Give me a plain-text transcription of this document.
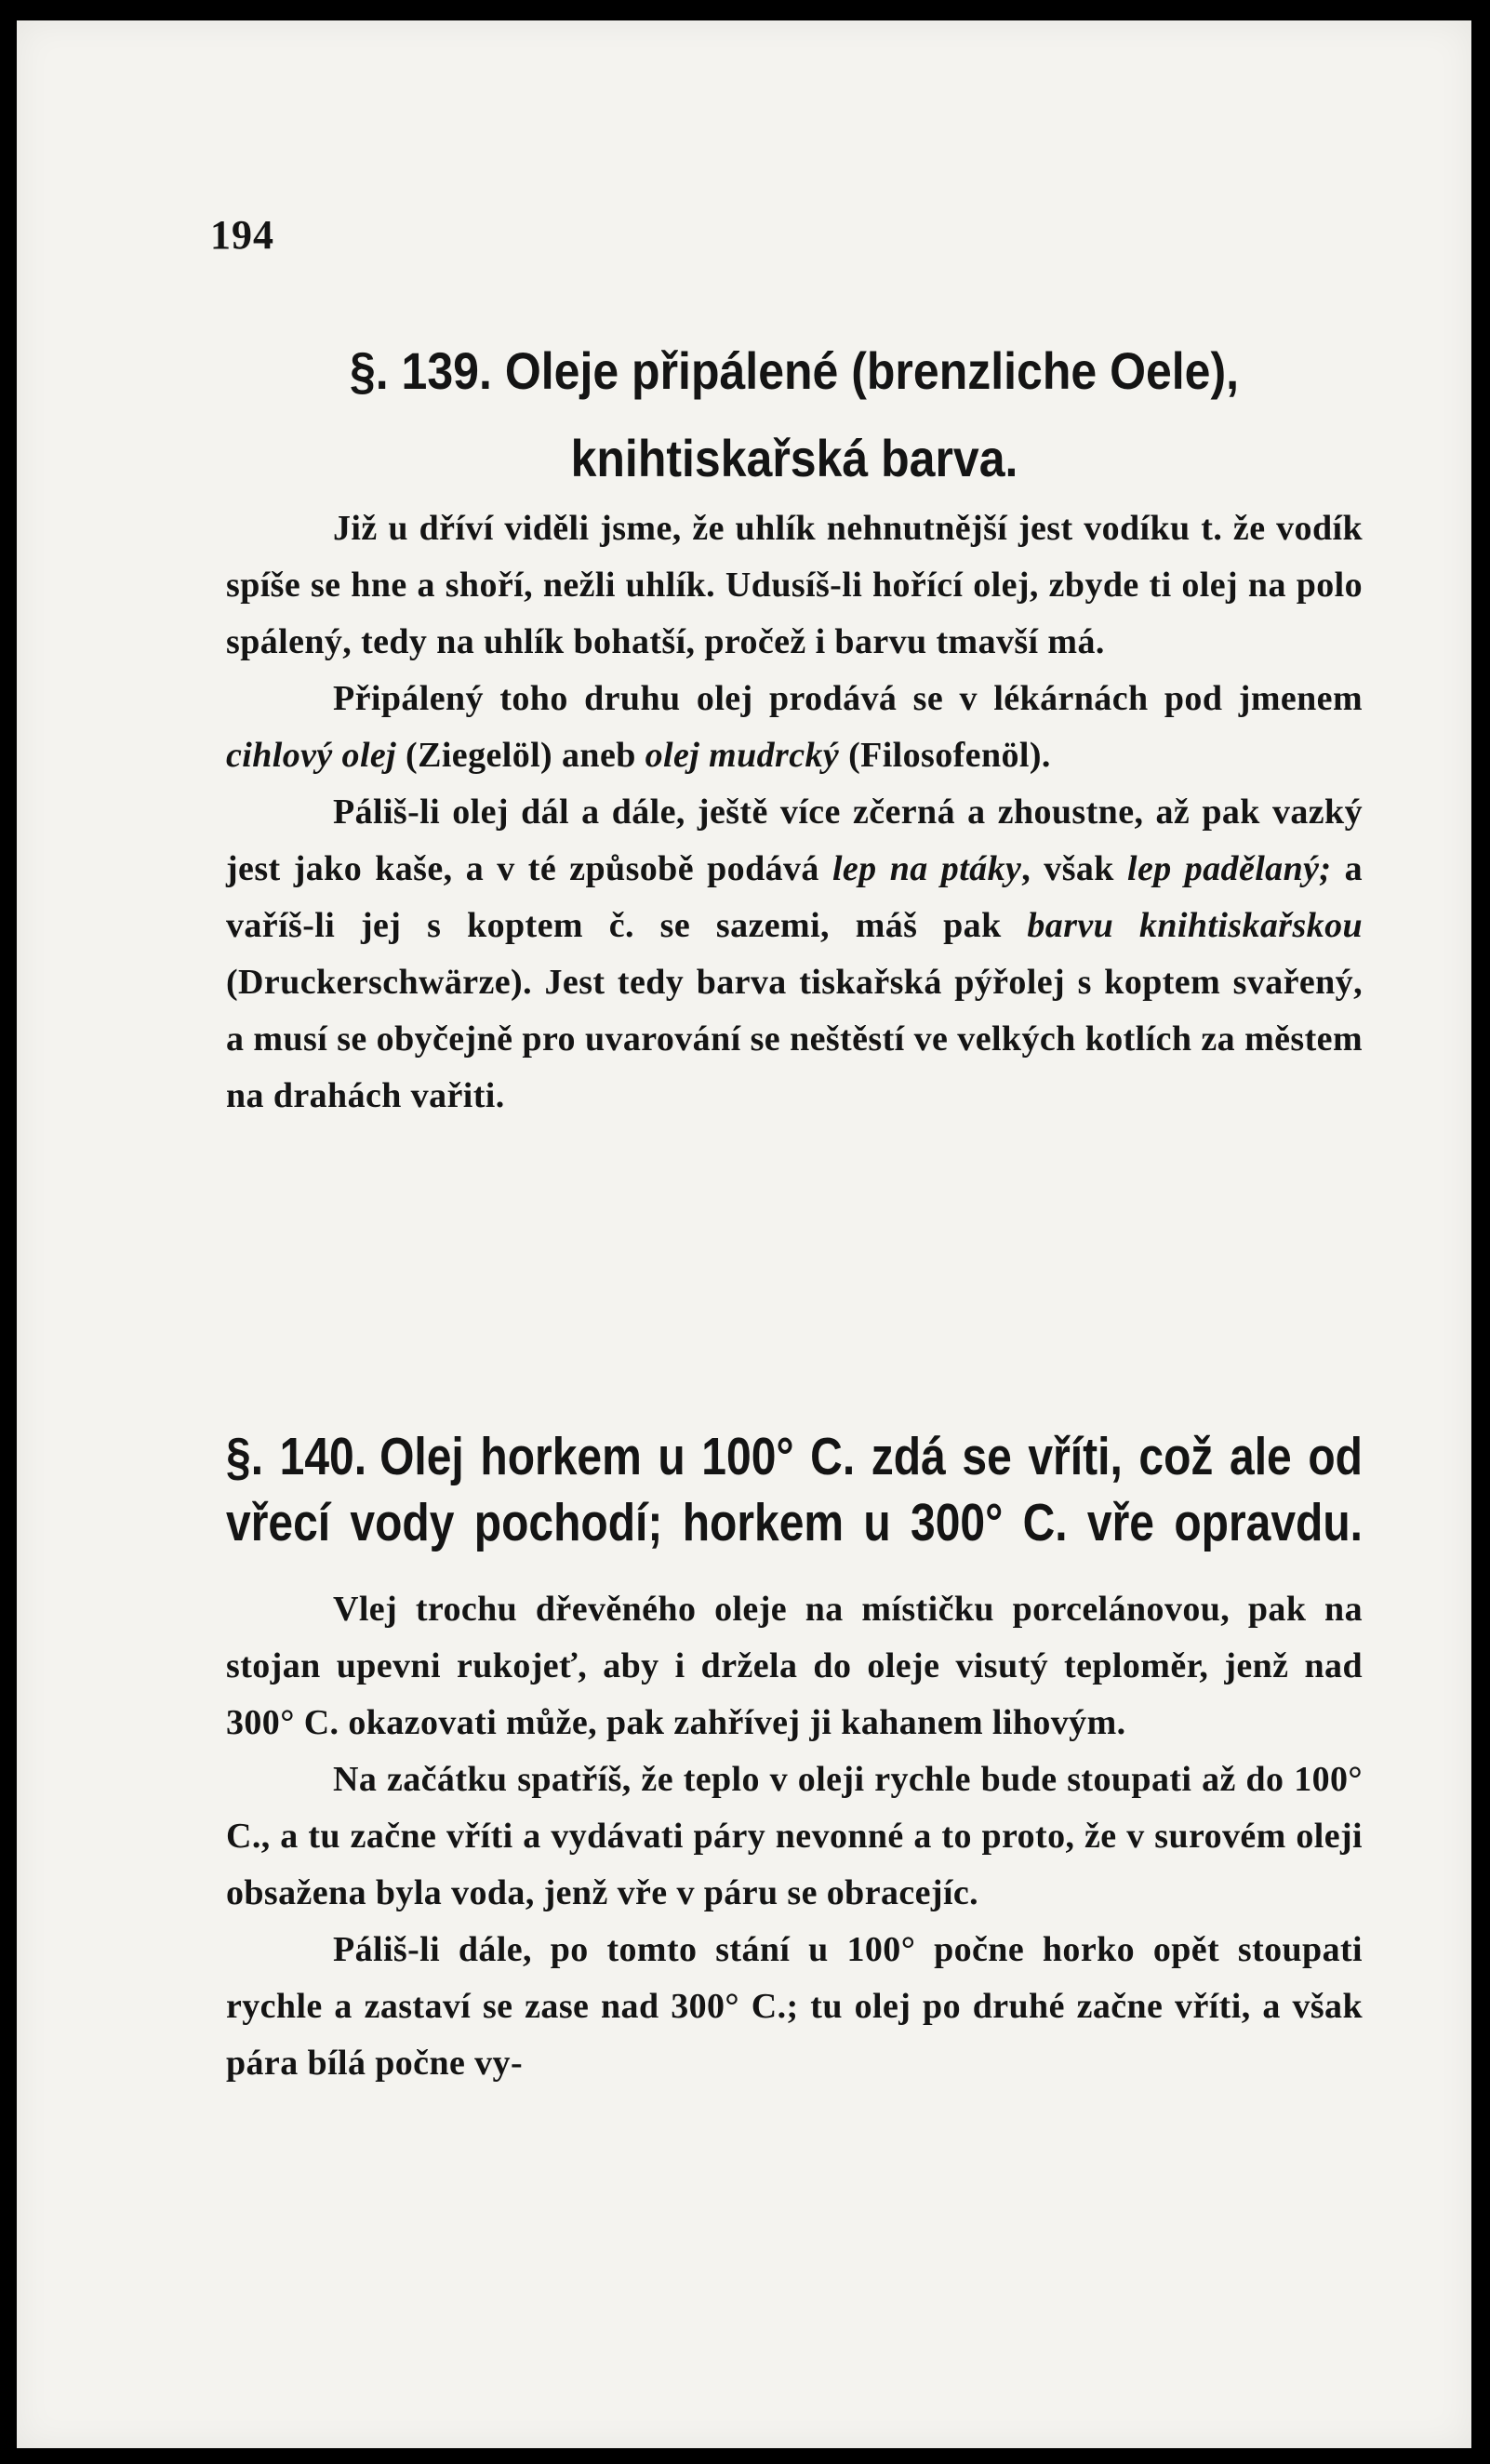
194
§. 139. Oleje připálené (brenzliche Oele), knihtiskařská barva.

Již u dříví viděli jsme, že uhlík nehnutnější jest vodíku t. že vodík spíše se hne a shoří, nežli uhlík. Udusíš-li hořící olej, zbyde ti olej na polo spálený, tedy na uhlík bohatší, pročež i barvu tmavší má.

Připálený toho druhu olej prodává se v lékárnách pod jmenem cihlový olej (Ziegelöl) aneb olej mudrcký (Filosofenöl).

Páliš-li olej dál a dále, ještě více zčerná a zhoustne, až pak vazký jest jako kaše, a v té způsobě podává lep na ptáky, však lep padělaný; a vaříš-li jej s koptem č. se sazemi, máš pak barvu knihtiskařskou (Druckerschwärze). Jest tedy barva tiskařská pýřolej s koptem svařený, a musí se obyčejně pro uvarování se neštěstí ve velkých kotlích za městem na drahách vařiti.

§. 140. Olej horkem u 100° C. zdá se vříti, což ale od vřecí vody pochodí; horkem u 300° C. vře opravdu.

Vlej trochu dřevěného oleje na místičku porcelánovou, pak na stojan upevni rukojeť, aby i držela do oleje visutý teploměr, jenž nad 300° C. okazovati může, pak zahřívej ji kahanem lihovým.

Na začátku spatříš, že teplo v oleji rychle bude stoupati až do 100° C., a tu začne vříti a vydávati páry nevonné a to proto, že v surovém oleji obsažena byla voda, jenž vře v páru se obracejíc.

Páliš-li dále, po tomto stání u 100° počne horko opět stoupati rychle a zastaví se zase nad 300° C.; tu olej po druhé začne vříti, a však pára bílá počne vy-
